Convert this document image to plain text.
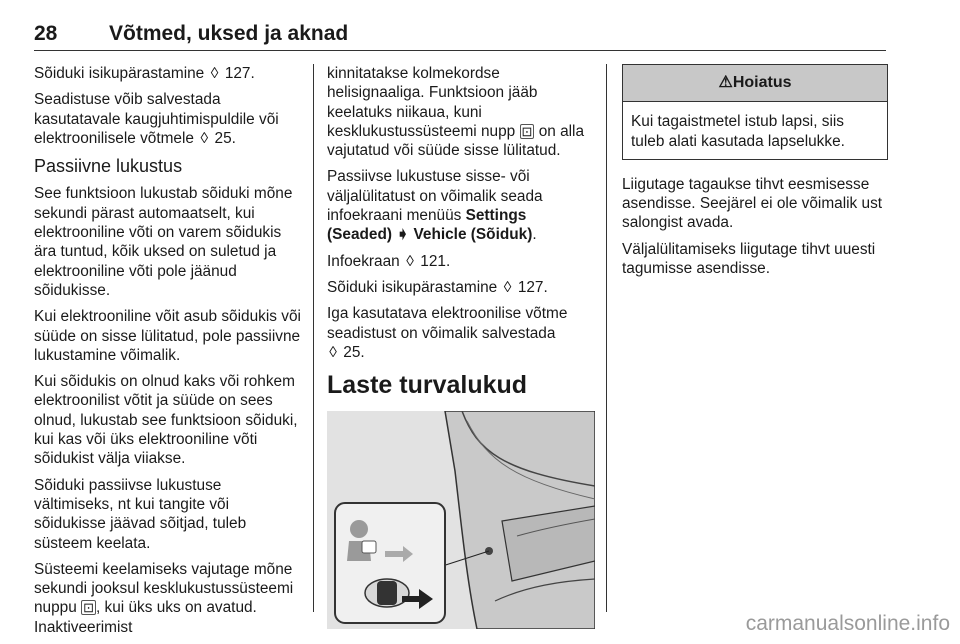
28 Võtmed, uksed ja aknad

Sõiduki isikupärastamine ◊ 127.

Seadistuse võib salvestada kasutatavale kaugjuhtimispuldile või elektroonilisele võtmele ◊ 25.

Passiivne lukustus

See funktsioon lukustab sõiduki mõne sekundi pärast automaatselt, kui elektrooniline võti on varem sõidukis ära tuntud, kõik uksed on suletud ja elektrooniline võti pole jäänud sõidukisse.

Kui elektrooniline võit asub sõidukis või süüde on sisse lülitatud, pole passiivne lukustamine võimalik.

Kui sõidukis on olnud kaks või rohkem elektroonilist võtit ja süüde on sees olnud, lukustab see funktsioon sõiduki, kui kas või üks elektrooniline võti sõidukist välja viiakse.

Sõiduki passiivse lukustuse vältimiseks, nt kui tangite või sõidukisse jäävad sõitjad, tuleb süsteem keelata.

Süsteemi keelamiseks vajutage mõne sekundi jooksul kesklukustussüsteemi nuppu ⊡ , kui üks uks on avatud. Inaktiveerimist

kinnitatakse kolmekordse helisignaaliga. Funktsioon jääb keelatuks niikaua, kuni kesklukustussüsteemi nupp ⊡ on alla vajutatud või süüde sisse lülitatud.

Passiivse lukustuse sisse- või väljalülitatust on võimalik seada infoekraani menüüs Settings (Seaded) ➧ Vehicle (Sõiduk).

Infoekraan ◊ 121.

Sõiduki isikupärastamine ◊ 127.

Iga kasutatava elektroonilise võtme seadistust on võimalik salvestada
◊ 25.

Laste turvalukud
⚠Hoiatus
Kui tagaistmetel istub lapsi, siis tuleb alati kasutada lapselukke.

Liigutage tagaukse tihvt eesmisesse asendisse. Seejärel ei ole võimalik ust salongist avada.

Väljalülitamiseks liigutage tihvt uuesti tagumisse asendisse.

carmanualsonline.info
